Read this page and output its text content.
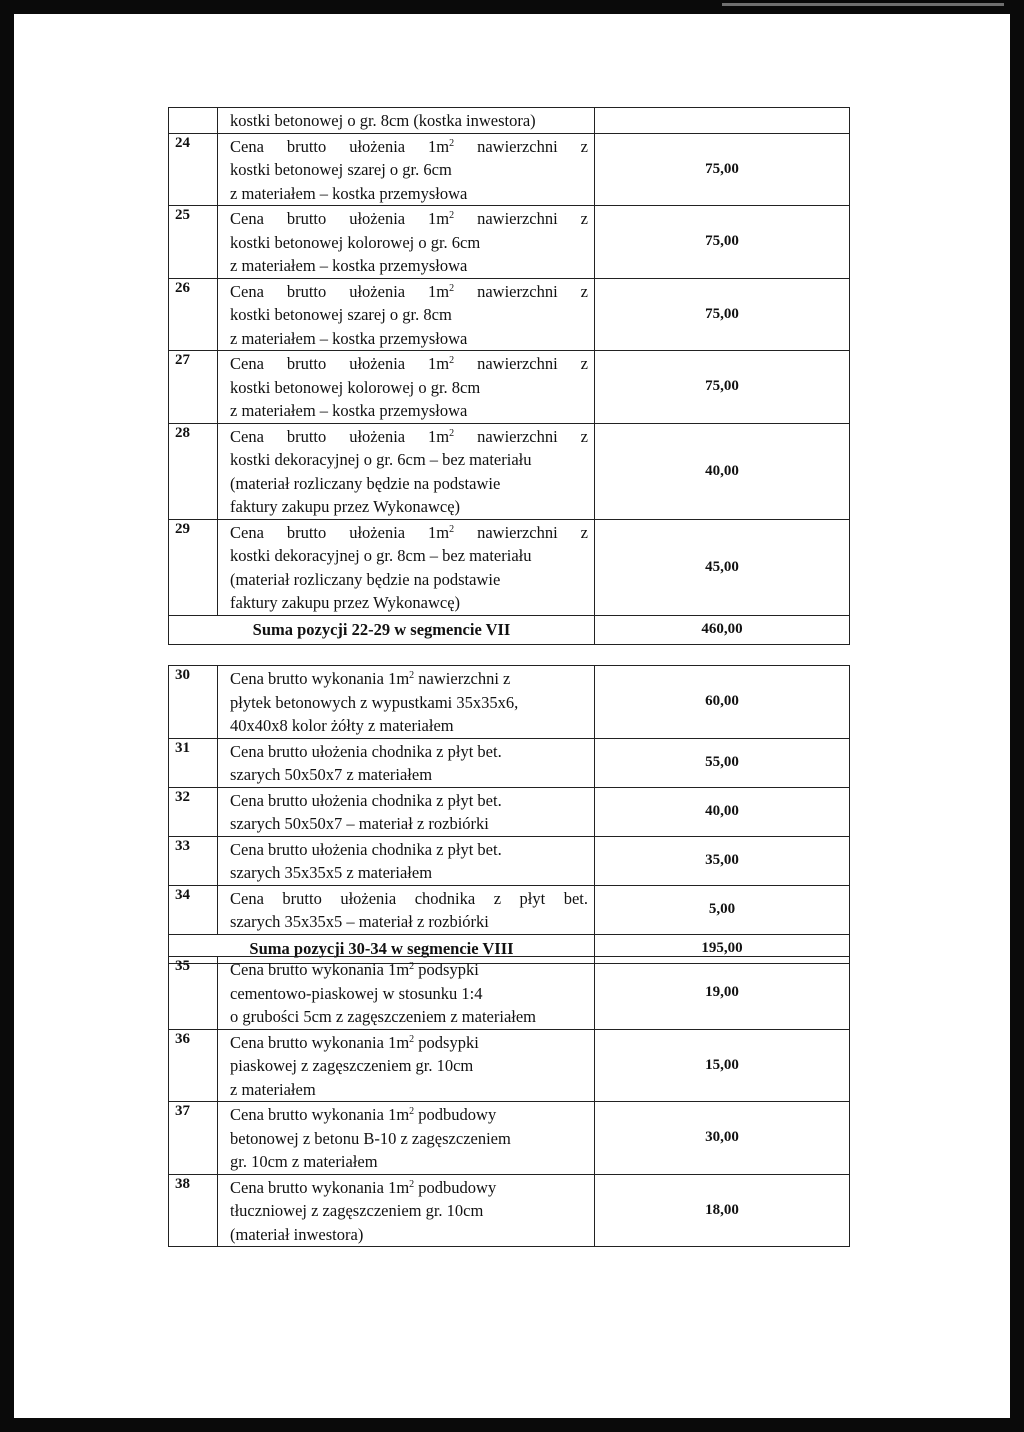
	kostki betonowej o gr. 8cm (kostka inwestora)	

24	Cena brutto ułożenia $1m^2$ nawierzchni z
kostki betonowej szarej o gr. 6cm
z materiałem – kostka przemysłowa	75,00
25	Cena brutto ułożenia $1m^2$ nawierzchni z
kostki betonowej kolorowej o gr. 6cm
z materiałem – kostka przemysłowa	75,00
26	Cena brutto ułożenia $1m^2$ nawierzchni z
kostki betonowej szarej o gr. 8cm
z materiałem – kostka przemysłowa	75,00
27	Cena brutto ułożenia $1m^2$ nawierzchni z
kostki betonowej kolorowej o gr. 8cm
z materiałem – kostka przemysłowa	75,00
28	Cena brutto ułożenia $1m^2$ nawierzchni z
kostki dekoracyjnej o gr. 6cm – bez materiału
(materiał rozliczany będzie na podstawie
faktury zakupu przez Wykonawcę)	40,00
29	Cena brutto ułożenia $1m^2$ nawierzchni z
kostki dekoracyjnej o gr. 8cm – bez materiału
(materiał rozliczany będzie na podstawie
faktury zakupu przez Wykonawcę)	45,00
Suma pozycji 22-29 w segmencie VII		460,00
30	Cena brutto wykonania $1m^2$ nawierzchni z
płytek betonowych z wypustkami 35x35x6,
40x40x8 kolor żółty z materiałem	60,00
31	Cena brutto ułożenia chodnika z płyt bet.
szarych 50x50x7 z materiałem	55,00
32	Cena brutto ułożenia chodnika z płyt bet.
szarych 50x50x7 – materiał z rozbiórki	40,00
33	Cena brutto ułożenia chodnika z płyt bet.
szarych 35x35x5 z materiałem	35,00
34	Cena brutto ułożenia chodnika z płyt bet.
szarych 35x35x5 – materiał z rozbiórki	5,00
Suma pozycji 30-34 w segmencie VIII		195,00
35	Cena brutto wykonania $1m^2$ podsypki
cementowo-piaskowej w stosunku 1:4
o grubości 5cm z zagęszczeniem z materiałem	19,00
36	Cena brutto wykonania $1m^2$ podsypki
piaskowej z zagęszczeniem gr. 10cm
z materiałem	15,00
37	Cena brutto wykonania $1m^2$ podbudowy
betonowej z betonu B-10 z zagęszczeniem
gr. 10cm z materiałem	30,00
38	Cena brutto wykonania $1m^2$ podbudowy
tłuczniowej z zagęszczeniem gr. 10cm
(materiał inwestora)	18,00
